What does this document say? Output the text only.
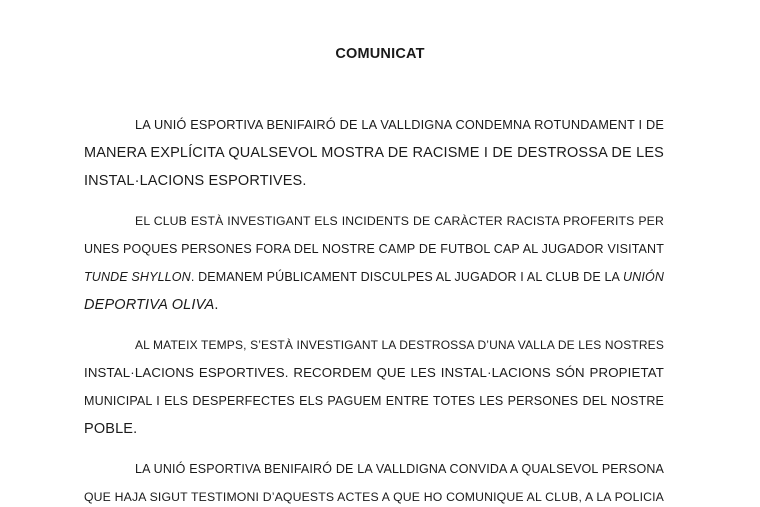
COMUNICAT
LA UNIÓ ESPORTIVA BENIFAIRÓ DE LA VALLDIGNA CONDEMNA ROTUNDAMENT I DE
MANERA EXPLÍCITA QUALSEVOL MOSTRA DE RACISME I DE DESTROSSA DE LES
INSTAL·LACIONS ESPORTIVES.
EL CLUB ESTÀ INVESTIGANT ELS INCIDENTS DE CARÀCTER RACISTA PROFERITS PER
UNES POQUES PERSONES FORA DEL NOSTRE CAMP DE FUTBOL CAP AL JUGADOR VISITANT
TUNDE SHYLLON. DEMANEM PÚBLICAMENT DISCULPES AL JUGADOR I AL CLUB DE LA UNIÓN
DEPORTIVA OLIVA.
AL MATEIX TEMPS, S’ESTÀ INVESTIGANT LA DESTROSSA D’UNA VALLA DE LES NOSTRES
INSTAL·LACIONS ESPORTIVES. RECORDEM QUE LES INSTAL·LACIONS SÓN PROPIETAT
MUNICIPAL I ELS DESPERFECTES ELS PAGUEM ENTRE TOTES LES PERSONES DEL NOSTRE
POBLE.
LA UNIÓ ESPORTIVA BENIFAIRÓ DE LA VALLDIGNA CONVIDA A QUALSEVOL PERSONA
QUE HAJA SIGUT TESTIMONI D’AQUESTS ACTES A QUE HO COMUNIQUE AL CLUB, A LA POLICIA
